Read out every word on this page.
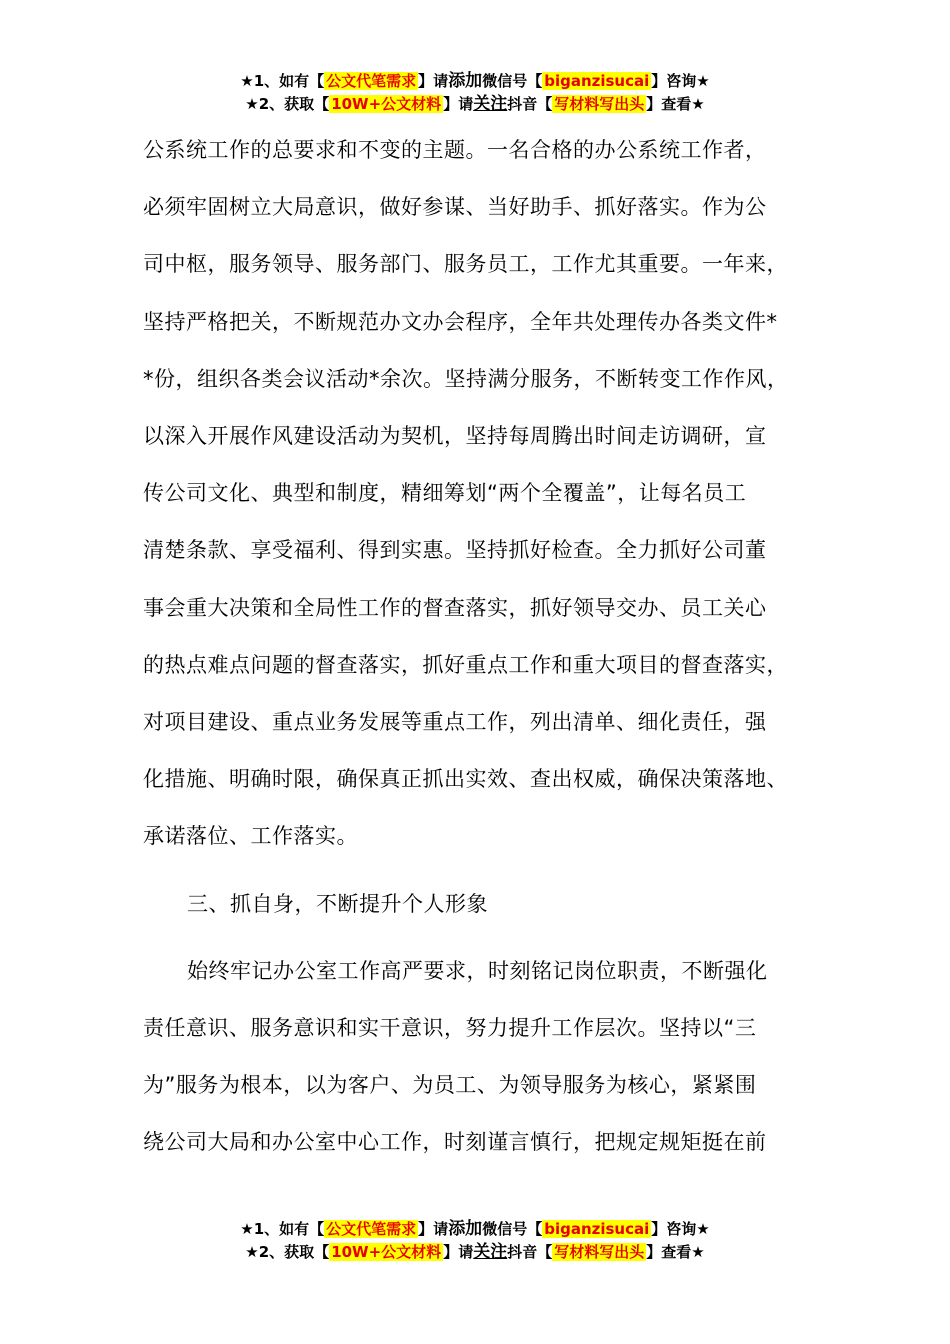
★1、如有【 公文代笔需求 】请添加微信号【 biganzisucai 】咨询★
★2、获取【 10W+公文材料 】请关注抖音【 写材料写出头 】查看★

公系统工作的总要求和不变的主题。一名合格的办公系统工作者，
必须牢固树立大局意识，做好参谋、当好助手、抓好落实。作为公
司中枢，服务领导、服务部门、服务员工，工作尤其重要。一年来，
坚持严格把关，不断规范办文办会程序，全年共处理传办各类文件*
*份，组织各类会议活动*余次。坚持满分服务，不断转变工作作风，
以深入开展作风建设活动为契机，坚持每周腾出时间走访调研，宣
传公司文化、典型和制度，精细筹划“两个全覆盖”，让每名员工
清楚条款、享受福利、得到实惠。坚持抓好检查。全力抓好公司董
事会重大决策和全局性工作的督查落实，抓好领导交办、员工关心
的热点难点问题的督查落实，抓好重点工作和重大项目的督查落实，
对项目建设、重点业务发展等重点工作，列出清单、细化责任，强
化措施、明确时限，确保真正抓出实效、查出权威，确保决策落地、
承诺落位、工作落实。

三、抓自身，不断提升个人形象

始终牢记办公室工作高严要求，时刻铭记岗位职责，不断强化
责任意识、服务意识和实干意识，努力提升工作层次。坚持以“三
为”服务为根本，以为客户、为员工、为领导服务为核心，紧紧围
绕公司大局和办公室中心工作，时刻谨言慎行，把规定规矩挺在前

★1、如有【 公文代笔需求 】请添加微信号【 biganzisucai 】咨询★
★2、获取【 10W+公文材料 】请关注抖音【 写材料写出头 】查看★
